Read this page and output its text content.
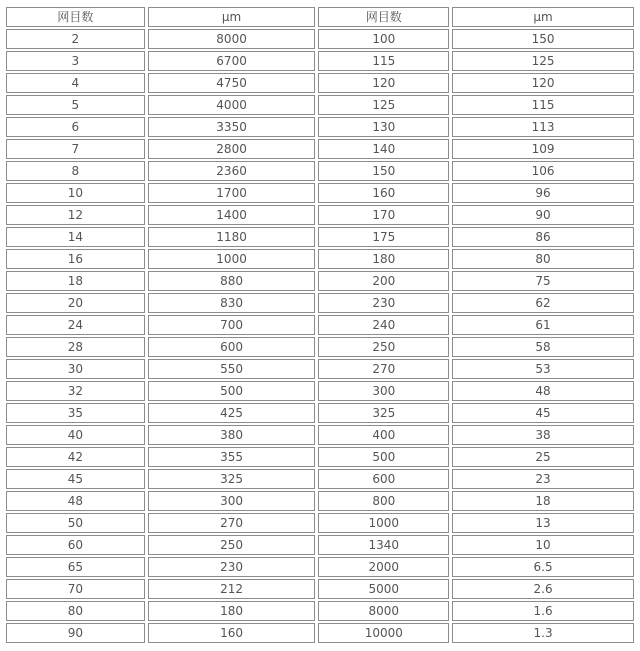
网目数	μm	网目数	μm
2	8000	100	150
3	6700	115	125
4	4750	120	120
5	4000	125	115
6	3350	130	113
7	2800	140	109
8	2360	150	106
10	1700	160	96
12	1400	170	90
14	1180	175	86
16	1000	180	80
18	880	200	75
20	830	230	62
24	700	240	61
28	600	250	58
30	550	270	53
32	500	300	48
35	425	325	45
40	380	400	38
42	355	500	25
45	325	600	23
48	300	800	18
50	270	1000	13
60	250	1340	10
65	230	2000	6.5
70	212	5000	2.6
80	180	8000	1.6
90	160	10000	1.3
